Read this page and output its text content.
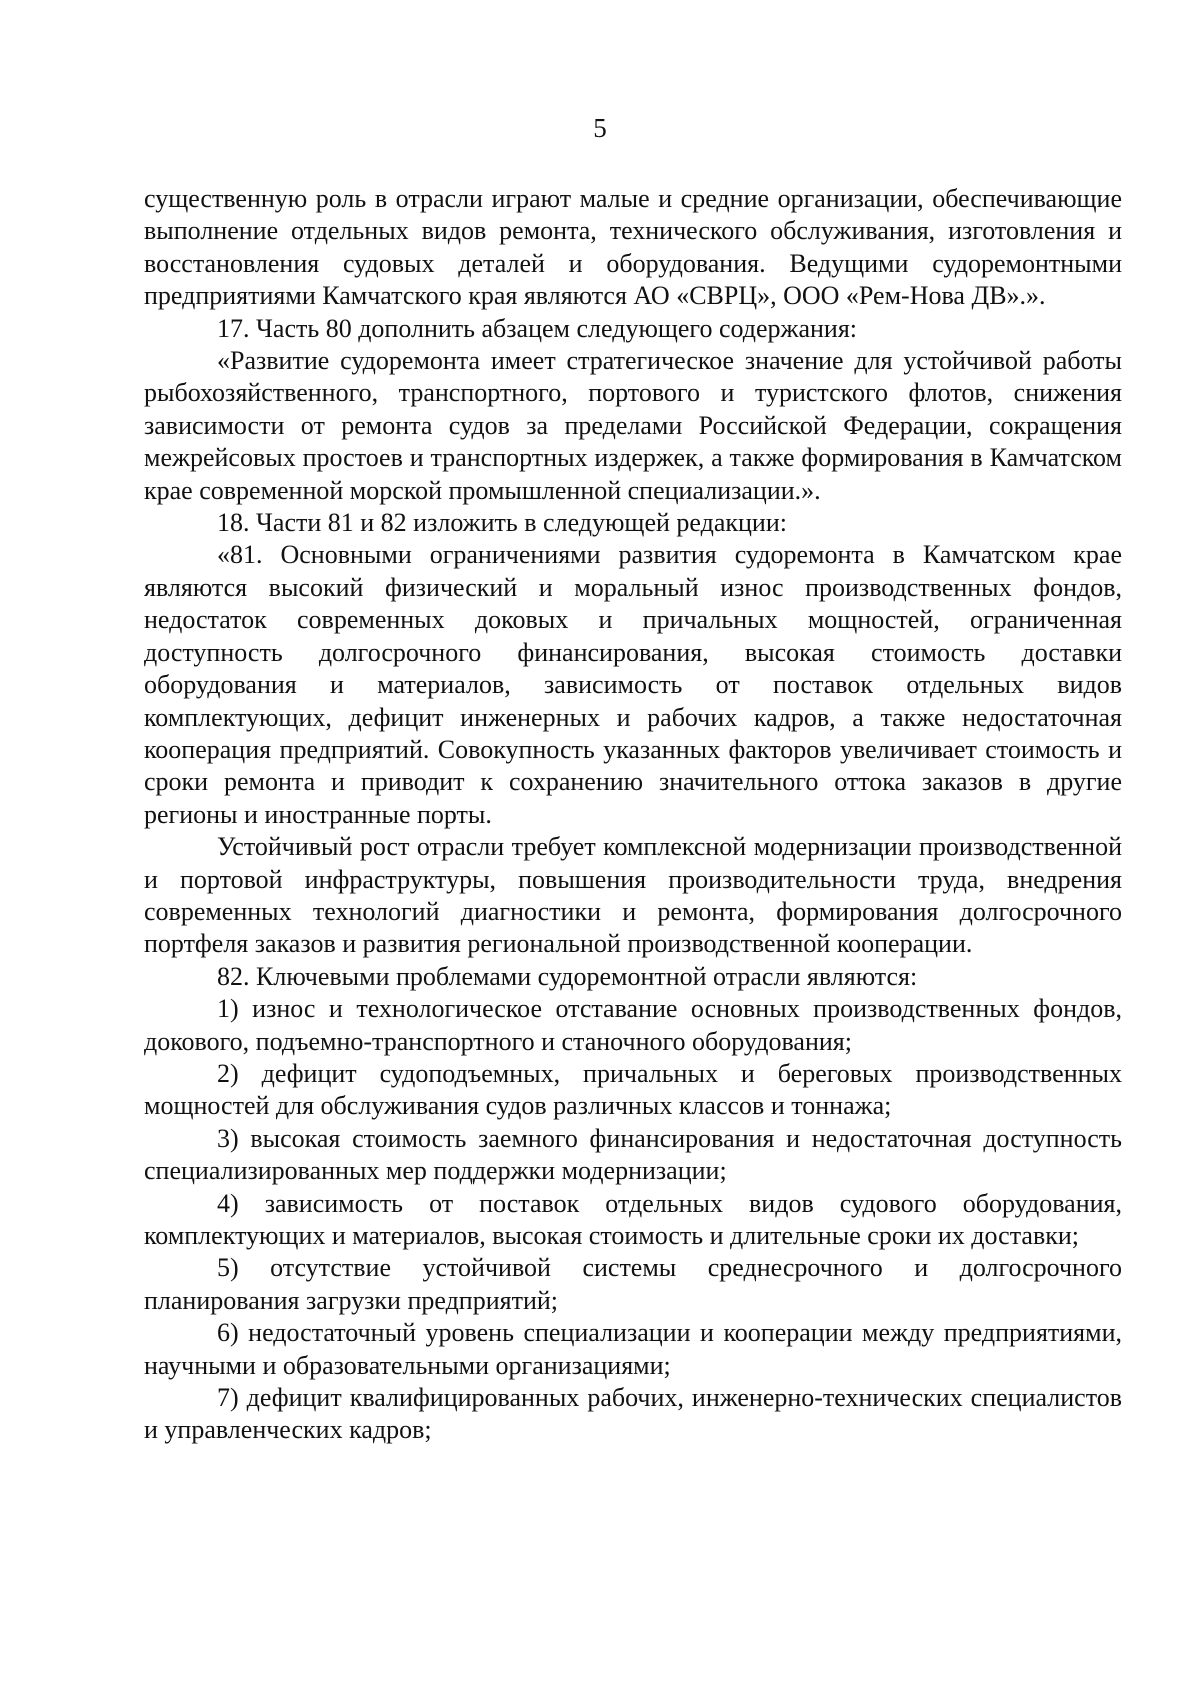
5

существенную роль в отрасли играют малые и средние организации, обеспечивающие выполнение отдельных видов ремонта, технического обслуживания, изготовления и восстановления судовых деталей и оборудования. Ведущими судоремонтными предприятиями Камчатского края являются АО «СВРЦ», ООО «Рем-Нова ДВ».».

17. Часть 80 дополнить абзацем следующего содержания:

«Развитие судоремонта имеет стратегическое значение для устойчивой работы рыбохозяйственного, транспортного, портового и туристского флотов, снижения зависимости от ремонта судов за пределами Российской Федерации, сокращения межрейсовых простоев и транспортных издержек, а также формирования в Камчатском крае современной морской промышленной специализации.».

18. Части 81 и 82 изложить в следующей редакции:

«81. Основными ограничениями развития судоремонта в Камчатском крае являются высокий физический и моральный износ производственных фондов, недостаток современных доковых и причальных мощностей, ограниченная доступность долгосрочного финансирования, высокая стоимость доставки оборудования и материалов, зависимость от поставок отдельных видов комплектующих, дефицит инженерных и рабочих кадров, а также недостаточная кооперация предприятий. Совокупность указанных факторов увеличивает стоимость и сроки ремонта и приводит к сохранению значительного оттока заказов в другие регионы и иностранные порты.

Устойчивый рост отрасли требует комплексной модернизации производственной и портовой инфраструктуры, повышения производительности труда, внедрения современных технологий диагностики и ремонта, формирования долгосрочного портфеля заказов и развития региональной производственной кооперации.

82. Ключевыми проблемами судоремонтной отрасли являются:

1) износ и технологическое отставание основных производственных фондов, докового, подъемно-транспортного и станочного оборудования;

2) дефицит судоподъемных, причальных и береговых производственных мощностей для обслуживания судов различных классов и тоннажа;

3) высокая стоимость заемного финансирования и недостаточная доступность специализированных мер поддержки модернизации;

4) зависимость от поставок отдельных видов судового оборудования, комплектующих и материалов, высокая стоимость и длительные сроки их доставки;

5) отсутствие устойчивой системы среднесрочного и долгосрочного планирования загрузки предприятий;

6) недостаточный уровень специализации и кооперации между предприятиями, научными и образовательными организациями;

7) дефицит квалифицированных рабочих, инженерно-технических специалистов и управленческих кадров;
